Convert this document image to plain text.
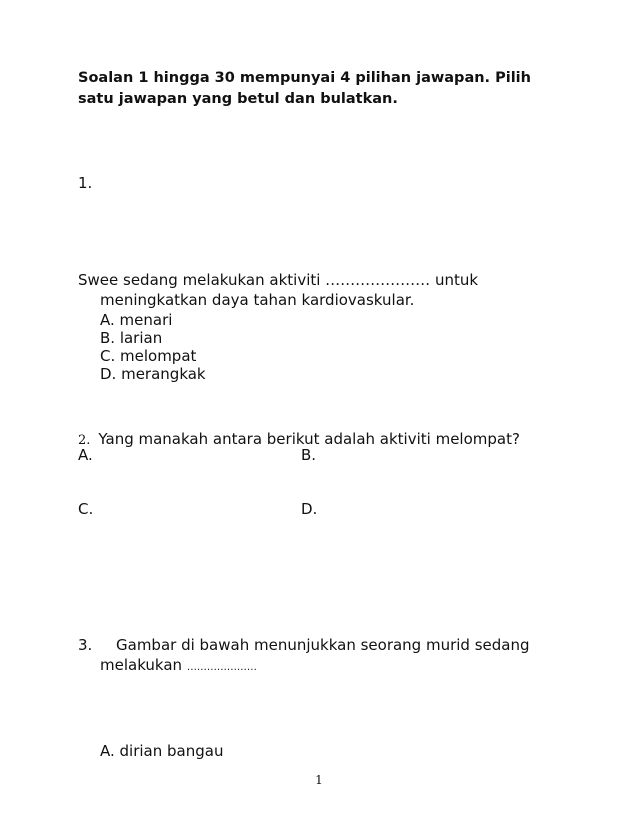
Soalan 1 hingga 30 mempunyai 4 pilihan jawapan. Pilih satu jawapan yang betul dan bulatkan.
1.
Swee sedang melakukan aktiviti ………………… untuk
meningkatkan daya tahan kardiovaskular.
A. menari
B. larian
C. melompat
D. merangkak
2. Yang manakah antara berikut adalah aktiviti melompat?
A.	B.
C.	D.
3. Gambar di bawah menunjukkan seorang murid sedang
melakukan …………………
A. dirian bangau
1
